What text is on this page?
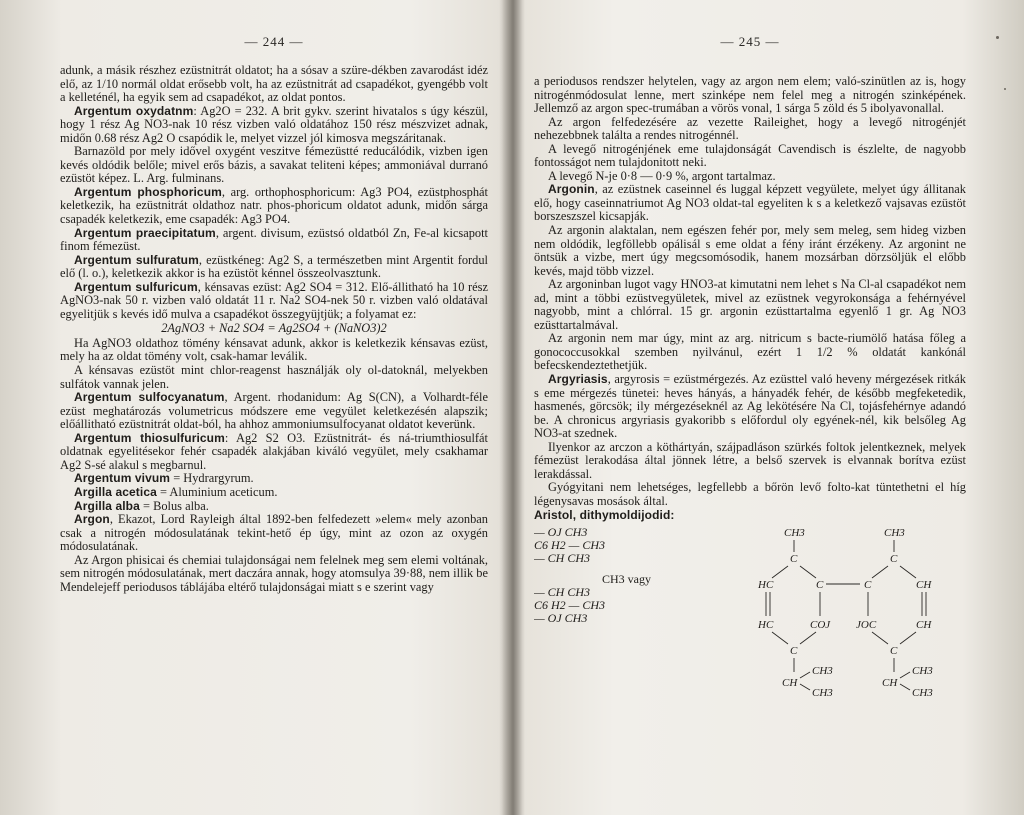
— 244 —

adunk, a másik részhez ezüstnitrát oldatot; ha a sósav a szüre-dékben zavarodást idéz elő, az 1/10 normál oldat erősebb volt, ha az ezüstnitrát ad csapadékot, gyengébb volt a kelleténél, ha egyik sem ad csapadékot, az oldat pontos.

Argentum oxydatnm: Ag2O = 232. A brit gykv. szerint hivatalos s úgy készül, hogy 1 rész Ag NO3-nak 10 rész vizben való oldatához 150 rész mészvizet adnak, midőn 0.68 rész Ag2 O csapódik le, melyet vizzel jól kimosva megszáritanak.

Barnazöld por mely idővel oxygént veszitve fémezüstté reducálódik, vizben igen kevés oldódik belőle; mivel erős bázis, a savakat teliteni képes; ammoniával durranó ezüstöt képez. L. Arg. fulminans.

Argentum phosphoricum, arg. orthophosphoricum: Ag3 PO4, ezüstphosphát keletkezik, ha ezüstnitrát oldathoz natr. phos-phoricum oldatot adunk, midőn sárga csapadék keletkezik, eme csapadék: Ag3 PO4.

Argentum praecipitatum, argent. divisum, ezüstsó oldatból Zn, Fe-al kicsapott finom fémezüst.

Argentum sulfuratum, ezüstkéneg: Ag2 S, a természetben mint Argentit fordul elő (l. o.), keletkezik akkor is ha ezüstöt kénnel összeolvasztunk.

Argentum sulfuricum, kénsavas ezüst: Ag2 SO4 = 312. Elő-állitható ha 10 rész AgNO3-nak 50 r. vizben való oldatát 11 r. Na2 SO4-nek 50 r. vizben való oldatával egyelitjük s kevés idő mulva a csapadékot összegyüjtjük; a folyamat ez:

2AgNO3 + Na2 SO4 = Ag2SO4 + (NaNO3)2

Ha AgNO3 oldathoz tömény kénsavat adunk, akkor is keletkezik kénsavas ezüst, mely ha az oldat tömény volt, csak-hamar leválik.

A kénsavas ezüstöt mint chlor-reagenst használják oly ol-datoknál, melyekben sulfátok vannak jelen.

Argentum sulfocyanatum, Argent. rhodanidum: Ag S(CN), a Volhardt-féle ezüst meghatározás volumetricus módszere eme vegyület keletkezésén alapszik; előállitható ezüstnitrát oldat-ból, ha ahhoz ammoniumsulfocyanat oldatot keverünk.

Argentum thiosulfuricum: Ag2 S2 O3. Ezüstnitrát- és ná-triumthiosulfát oldatnak egyelitésekor fehér csapadék alakjában kiváló vegyület, mely csakhamar Ag2 S-sé alakul s megbarnul.

Argentum vivum = Hydrargyrum.

Argilla acetica = Aluminium aceticum.

Argilla alba = Bolus alba.

Argon, Ekazot, Lord Rayleigh által 1892-ben felfedezett »elem« mely azonban csak a nitrogén módosulatának tekint-hető ép úgy, mint az ozon az oxygén módosulatának.

Az Argon phisicai és chemiai tulajdonságai nem felelnek meg sem elemi voltának, sem nitrogén módosulatának, mert daczára annak, hogy atomsulya 39·88, nem illik be Mendelejeff periodusos táblájába eltérő tulajdonságai miatt s e szerint vagy

— 245 —

a periodusos rendszer helytelen, vagy az argon nem elem; való-szinütlen az is, hogy nitrogénmódosulat lenne, mert szinképe nem felel meg a nitrogén szinképének. Jellemző az argon spec-trumában a vörös vonal, 1 sárga 5 zöld és 5 ibolyavonallal.

Az argon felfedezésére az vezette Raileighet, hogy a levegő nitrogénjét nehezebbnek találta a rendes nitrogénnél.

A levegő nitrogénjének eme tulajdonságát Cavendisch is észlelte, de nagyobb fontosságot nem tulajdonitott neki.

A levegő N-je 0·8 — 0·9 %, argont tartalmaz.

Argonin, az ezüstnek caseinnel és luggal képzett vegyülete, melyet úgy állitanak elő, hogy caseinnatriumot Ag NO3 oldat-tal egyeliten k s a keletkező vajsavas ezüstöt borszeszszel kicsapják.

Az argonin alaktalan, nem egészen fehér por, mely sem meleg, sem hideg vizben nem oldódik, legföllebb opálisál s eme oldat a fény iránt érzékeny. Az argonint ne öntsük a vizbe, mert úgy megcsomósodik, hanem mozsárban dörzsöljük el előbb kevés, majd több vizzel.

Az argoninban lugot vagy HNO3-at kimutatni nem lehet s Na Cl-al csapadékot nem ad, mint a többi ezüstvegyületek, mivel az ezüstnek vegyrokonsága a fehérnyével nagyobb, mint a chlórral. 15 gr. argonin ezüsttartalma egyenlő 1 gr. Ag NO3 ezüsttartalmával.

Az argonin nem mar úgy, mint az arg. nitricum s bacte-riumölő hatása főleg a gonococcusokkal szemben nyilvánul, ezért 1 1/2 % oldatát kankónál befecskendeztethetjük.

Argyriasis, argyrosis = ezüstmérgezés. Az ezüsttel való heveny mérgezések ritkák s eme mérgezés tünetei: heves hányás, a hányadék fehér, de később megfeketedik, hasmenés, görcsök; ily mérgezéseknél az Ag lekötésére Na Cl, tojásfehérnye adandó be. A chronicus argyriasis gyakoribb s előfordul oly egyének-nél, kik belsőleg Ag NO3-at szednek.

Ilyenkor az arczon a köthártyán, szájpadláson szürkés foltok jelentkeznek, melyek fémezüst lerakodása által jönnek létre, a belső szervek is elvannak borítva ezüst lerakdással.

Gyógyitani nem lehetséges, legfellebb a bőrön levő folto-kat tüntethetni el híg légenysavas mosások által.

Aristol, dithymoldijodid:

— OJ CH3
C6 H2 — CH3
— CH CH3
CH3 vagy
— CH CH3
C6 H2 — CH3
— OJ CH3
CH3	CH3
C	C
HC	C	C	CH
HC	COJ JOC	CH
C	C
CH	CH
CH3
CH3
CH3
CH3
